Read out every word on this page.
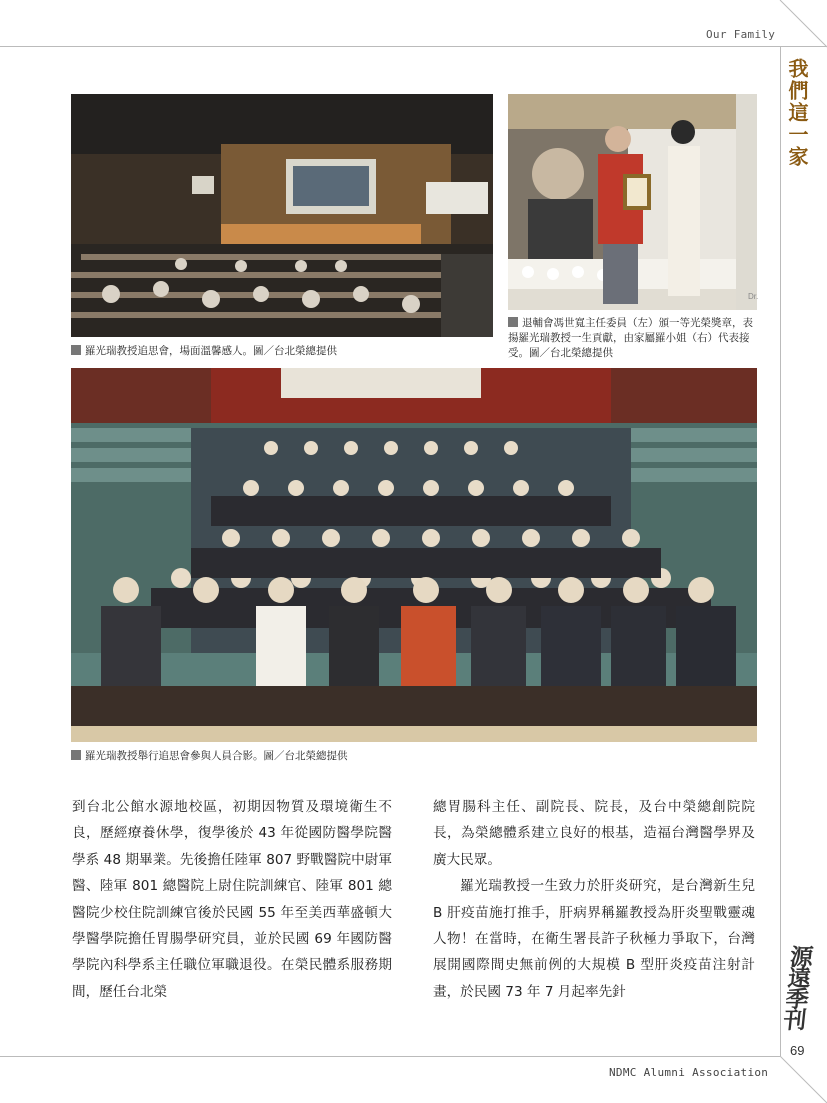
Our Family
我們這一家
源遠季刊
69
NDMC Alumni Association
羅光瑞教授追思會，場面溫馨感人。圖／台北榮總提供
Dr.
退輔會馮世寬主任委員（左）頒一等光榮獎章，表揚羅光瑞教授一生貢獻，由家屬羅小姐（右）代表接受。圖／台北榮總提供
羅光瑞教授舉行追思會參與人員合影。圖／台北榮總提供

到台北公館水源地校區，初期因物質及環境衛生不良，歷經療養休學，復學後於 43 年從國防醫學院醫學系 48 期畢業。先後擔任陸軍 807 野戰醫院中尉軍醫、陸軍 801 總醫院上尉住院訓練官、陸軍 801 總醫院少校住院訓練官後於民國 55 年至美西華盛頓大學醫學院擔任胃腸學研究員，並於民國 69 年國防醫學院內科學系主任職位軍職退役。在榮民體系服務期間，歷任台北榮

總胃腸科主任、副院長、院長，及台中榮總創院院長，為榮總體系建立良好的根基，造福台灣醫學界及廣大民眾。

羅光瑞教授一生致力於肝炎研究，是台灣新生兒 B 肝疫苗施打推手，肝病界稱羅教授為肝炎聖戰靈魂人物！在當時，在衛生署長許子秋極力爭取下，台灣展開國際間史無前例的大規模 B 型肝炎疫苗注射計畫，於民國 73 年 7 月起率先針
